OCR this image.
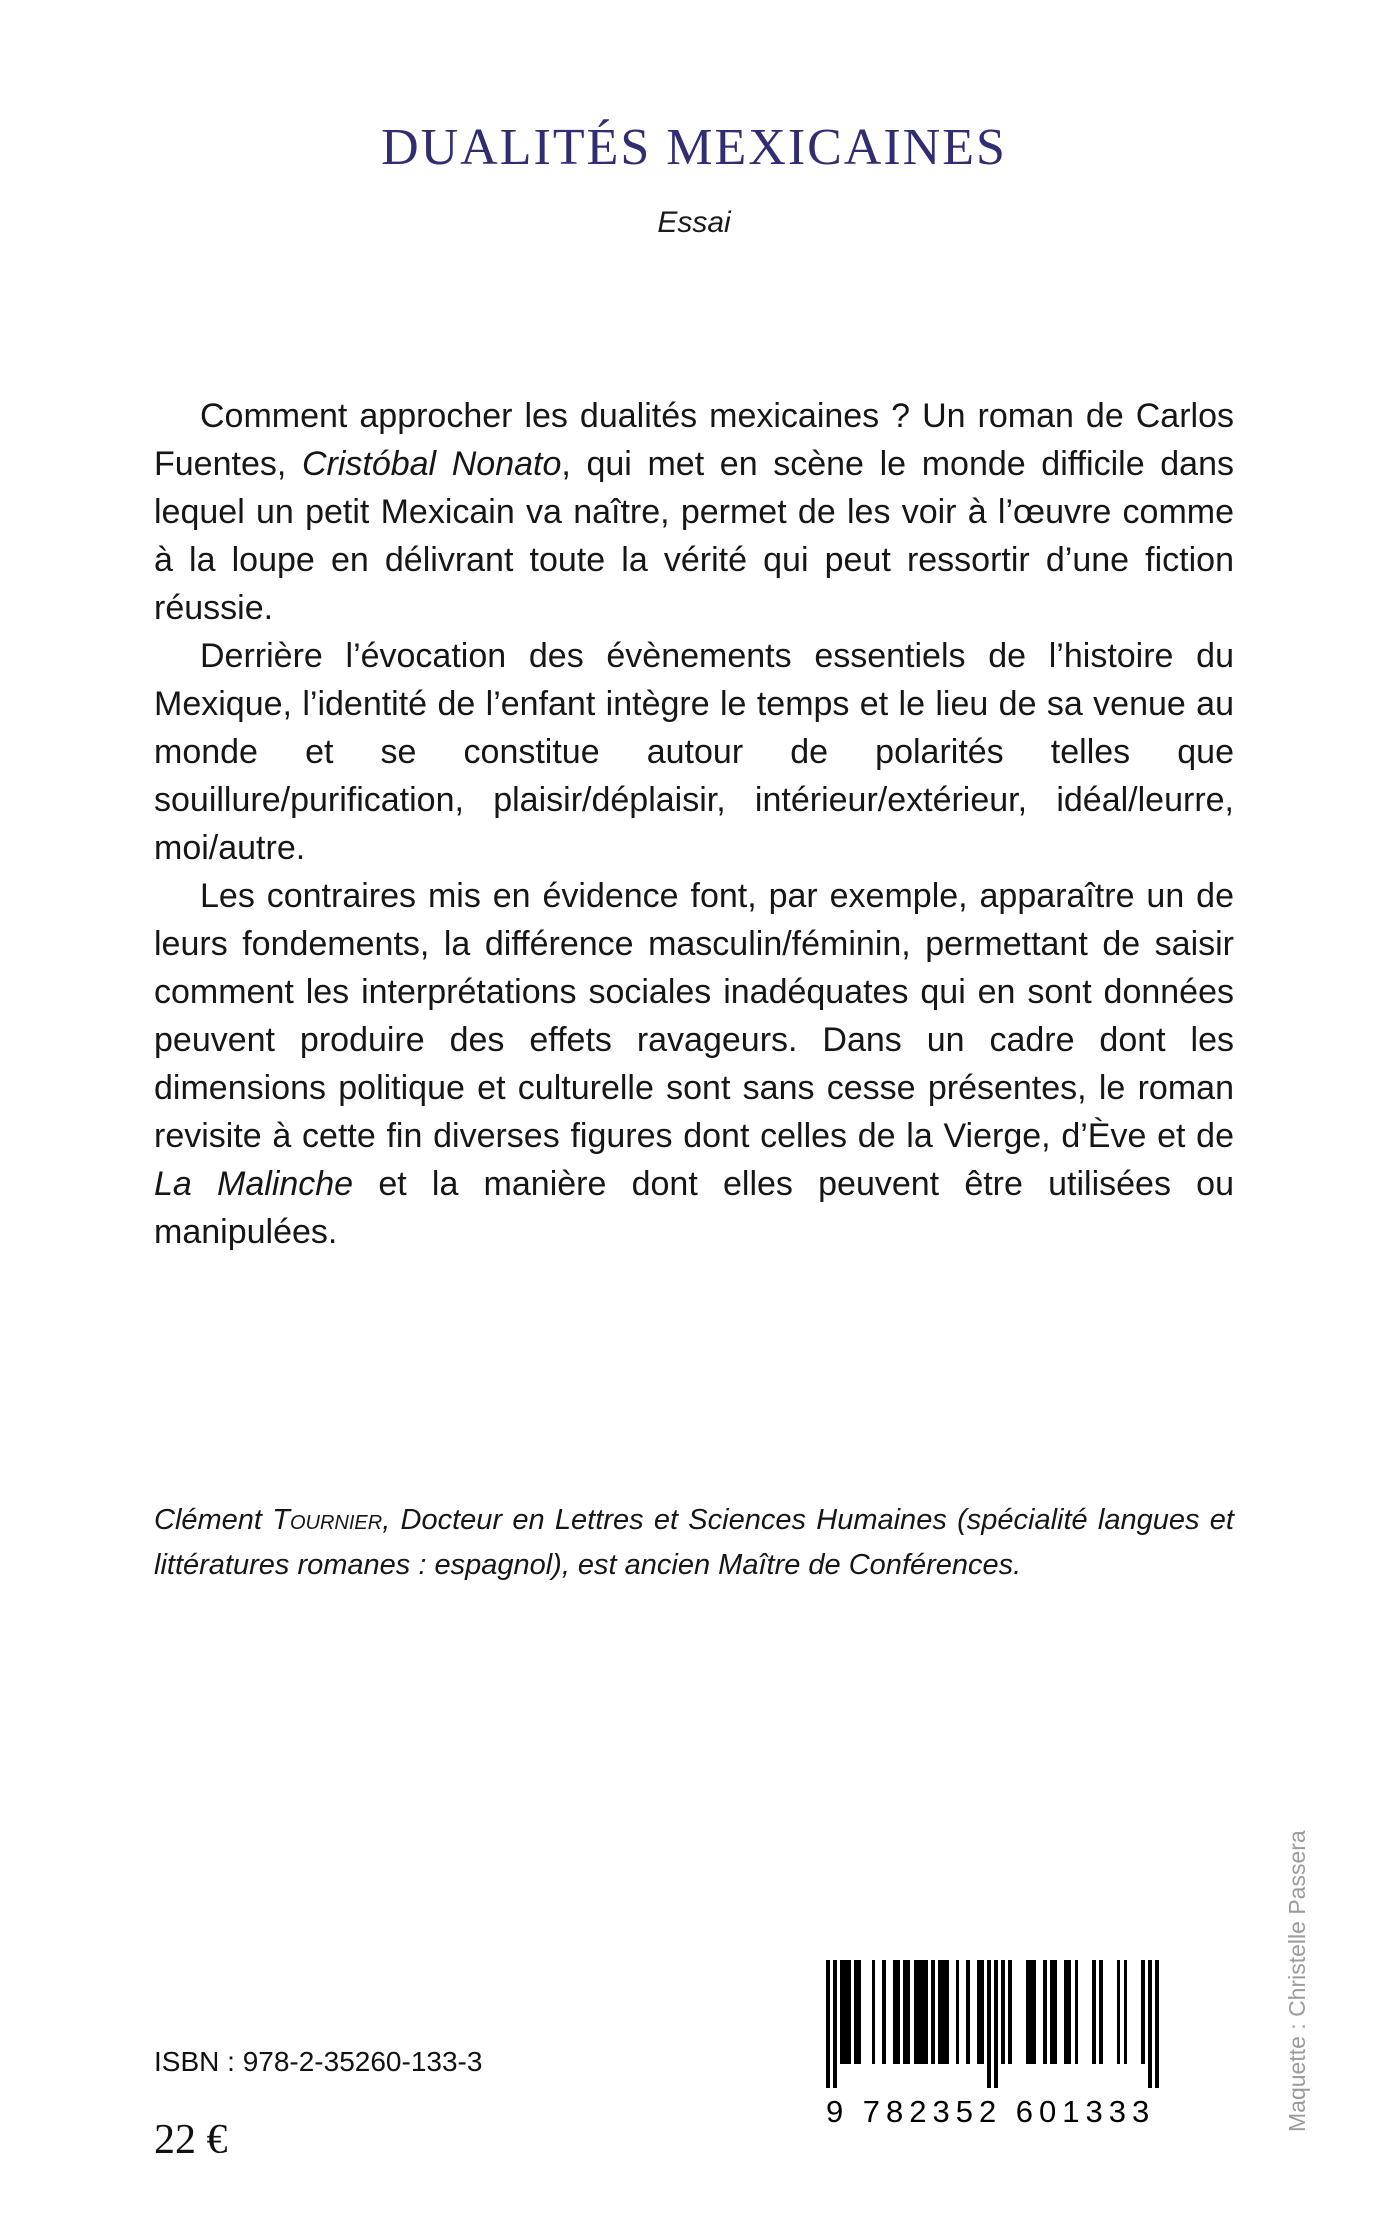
DUALITÉS MEXICAINES
Essai

Comment approcher les dualités mexicaines ? Un roman de Carlos Fuentes, Cristóbal Nonato, qui met en scène le monde difficile dans lequel un petit Mexicain va naître, permet de les voir à l’œuvre comme à la loupe en délivrant toute la vérité qui peut ressortir d’une fiction réussie.

Derrière l’évocation des évènements essentiels de l’histoire du Mexique, l’identité de l’enfant intègre le temps et le lieu de sa venue au monde et se constitue autour de polarités telles que souillure/purification, plaisir/déplaisir, intérieur/extérieur, idéal/leurre, moi/autre.

Les contraires mis en évidence font, par exemple, apparaître un de leurs fondements, la différence masculin/féminin, permettant de saisir comment les interprétations sociales inadéquates qui en sont données peuvent produire des effets ravageurs. Dans un cadre dont les dimensions politique et culturelle sont sans cesse présentes, le roman revisite à cette fin diverses figures dont celles de la Vierge, d’Ève et de La Malinche et la manière dont elles peuvent être utilisées ou manipulées.

Clément Tournier, Docteur en Lettres et Sciences Humaines (spécialité langues et littératures romanes : espagnol), est ancien Maître de Conférences.

ISBN : 978-2-35260-133-3
22 €
9 782352 601333	Maquette : Christelle Passera
